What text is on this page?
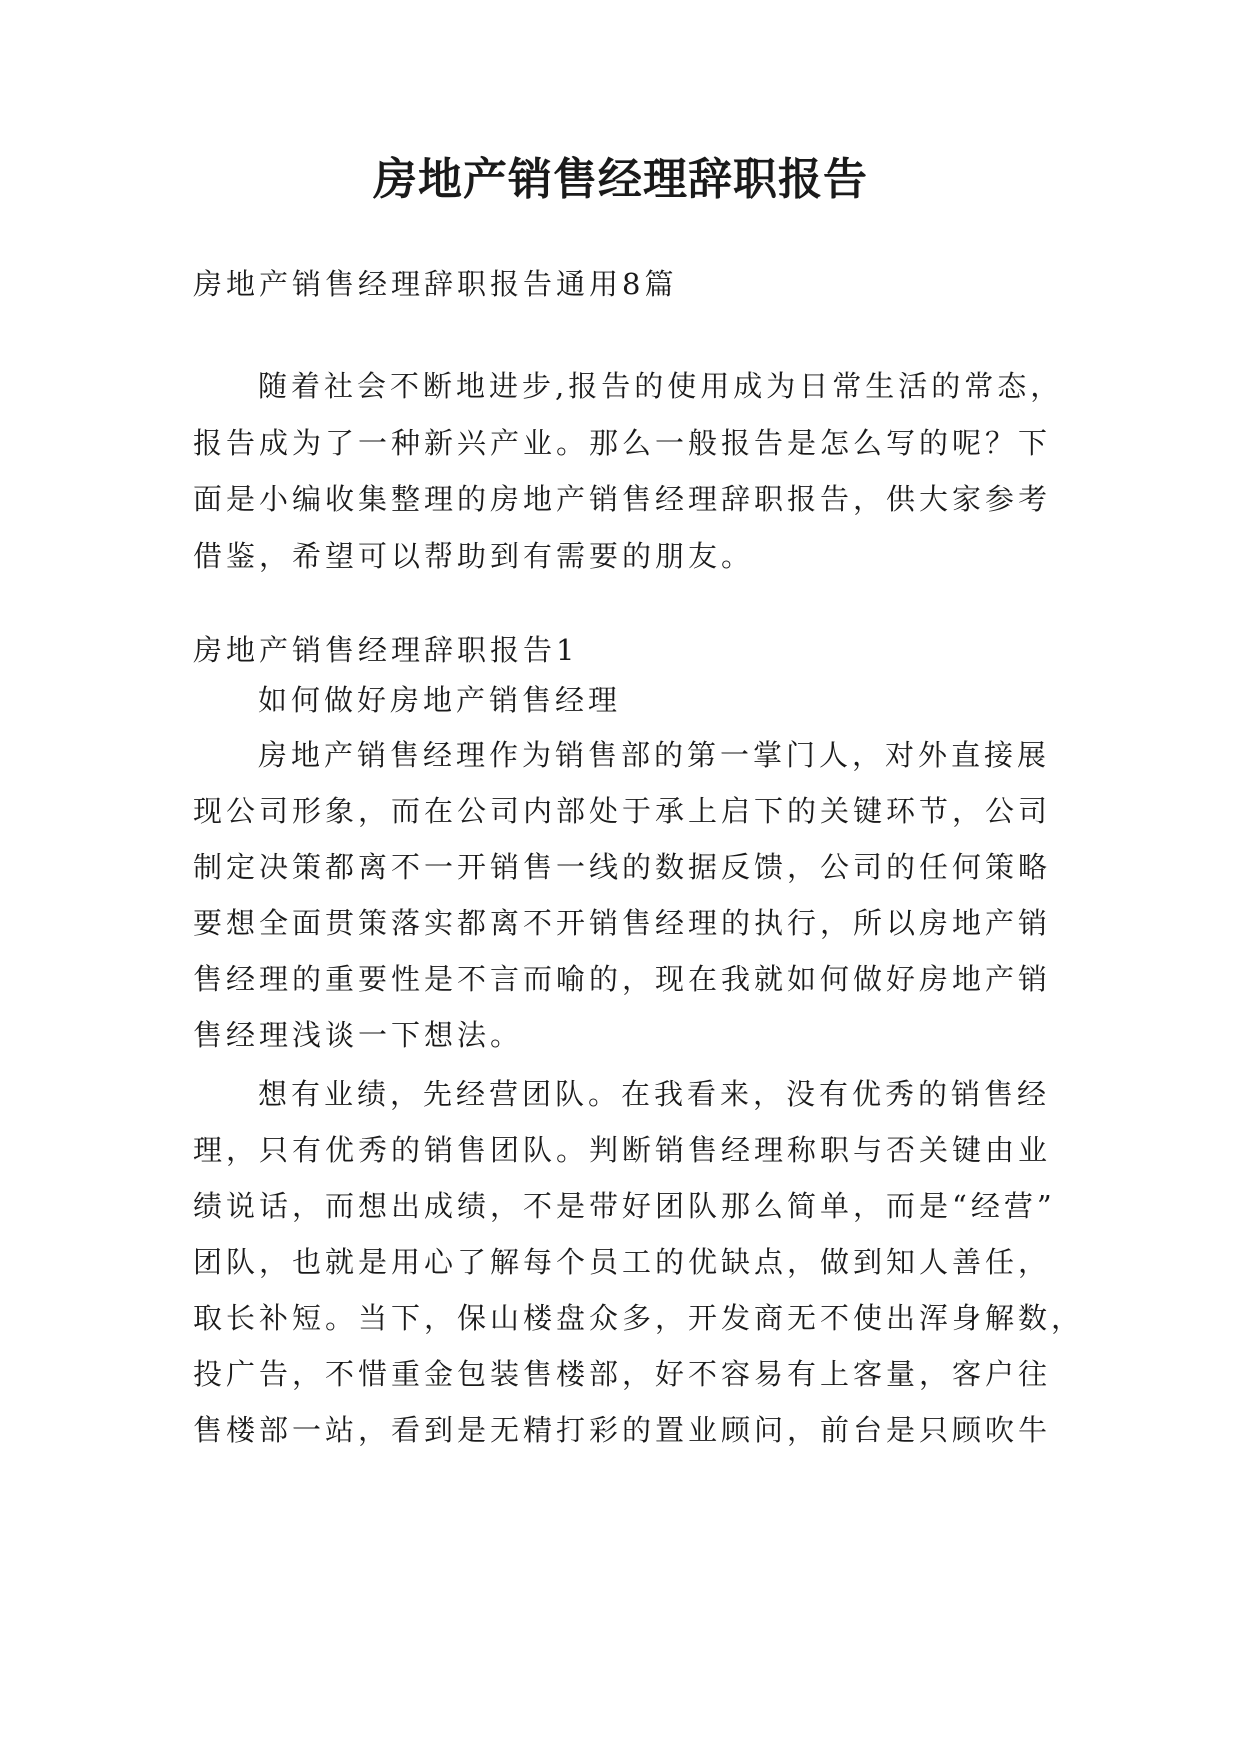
房地产销售经理辞职报告

房地产销售经理辞职报告通用8篇

随着社会不断地进步,报告的使用成为日常生活的常态，

报告成为了一种新兴产业。那么一般报告是怎么写的呢？下

面是小编收集整理的房地产销售经理辞职报告，供大家参考

借鉴，希望可以帮助到有需要的朋友。

房地产销售经理辞职报告1

如何做好房地产销售经理

房地产销售经理作为销售部的第一掌门人，对外直接展

现公司形象，而在公司内部处于承上启下的关键环节，公司

制定决策都离不一开销售一线的数据反馈，公司的任何策略

要想全面贯策落实都离不开销售经理的执行，所以房地产销

售经理的重要性是不言而喻的，现在我就如何做好房地产销

售经理浅谈一下想法。

想有业绩，先经营团队。在我看来，没有优秀的销售经

理，只有优秀的销售团队。判断销售经理称职与否关键由业

绩说话，而想出成绩，不是带好团队那么简单，而是“经营”

团队，也就是用心了解每个员工的优缺点，做到知人善任，

取长补短。当下，保山楼盘众多，开发商无不使出浑身解数，

投广告，不惜重金包装售楼部，好不容易有上客量，客户往

售楼部一站，看到是无精打彩的置业顾问，前台是只顾吹牛
